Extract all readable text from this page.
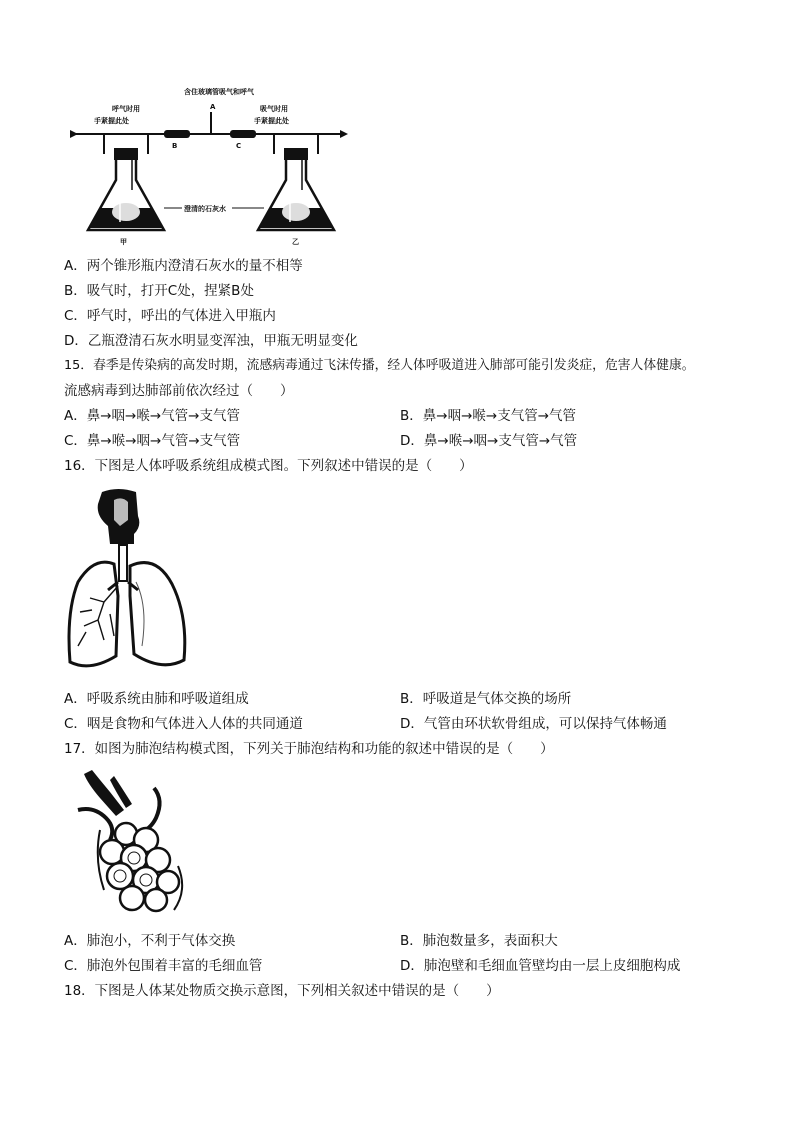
含住玻璃管吸气和呼气
A
B	C
呼气时用
手紧握此处
吸气时用
手紧握此处
甲	乙
澄清的石灰水
A．两个锥形瓶内澄清石灰水的量不相等
B．吸气时，打开C处，捏紧B处
C．呼气时，呼出的气体进入甲瓶内
D．乙瓶澄清石灰水明显变浑浊，甲瓶无明显变化
15．春季是传染病的高发时期，流感病毒通过飞沫传播，经人体呼吸道进入肺部可能引发炎症，危害人体健康。
流感病毒到达肺部前依次经过（　　）
A．鼻→咽→喉→气管→支气管	B．鼻→咽→喉→支气管→气管
C．鼻→喉→咽→气管→支气管	D．鼻→喉→咽→支气管→气管
16．下图是人体呼吸系统组成模式图。下列叙述中错误的是（　　）
A．呼吸系统由肺和呼吸道组成	B．呼吸道是气体交换的场所
C．咽是食物和气体进入人体的共同通道	D．气管由环状软骨组成，可以保持气体畅通
17．如图为肺泡结构模式图，下列关于肺泡结构和功能的叙述中错误的是（　　）
A．肺泡小，不利于气体交换	B．肺泡数量多，表面积大
C．肺泡外包围着丰富的毛细血管	D．肺泡壁和毛细血管壁均由一层上皮细胞构成
18．下图是人体某处物质交换示意图，下列相关叙述中错误的是（　　）
